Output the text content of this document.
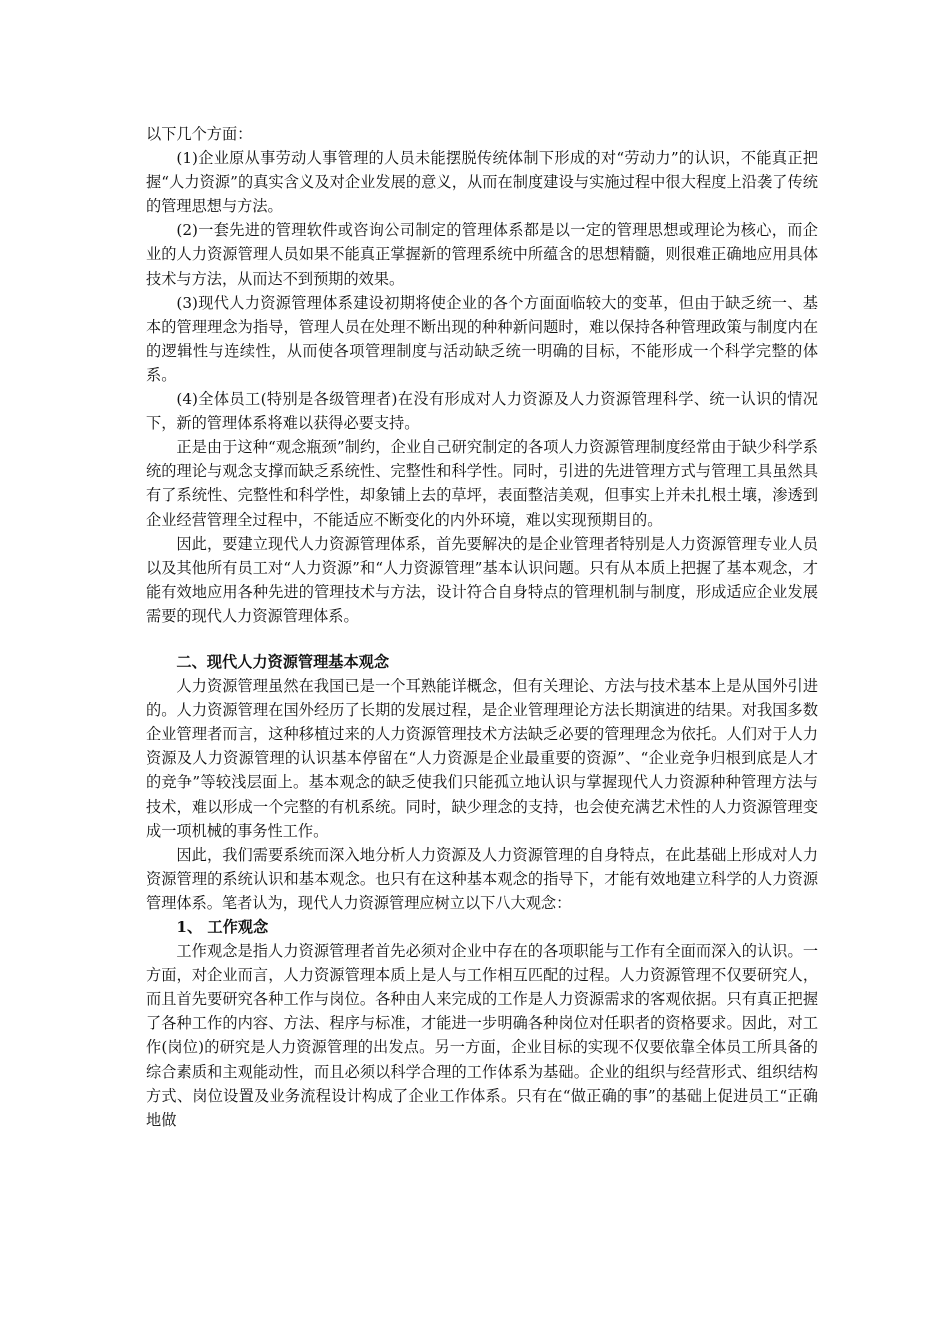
以下几个方面：

(1)企业原从事劳动人事管理的人员未能摆脱传统体制下形成的对“劳动力”的认识，不能真正把握“人力资源”的真实含义及对企业发展的意义，从而在制度建设与实施过程中很大程度上沿袭了传统的管理思想与方法。

(2)一套先进的管理软件或咨询公司制定的管理体系都是以一定的管理思想或理论为核心，而企业的人力资源管理人员如果不能真正掌握新的管理系统中所蕴含的思想精髓，则很难正确地应用具体技术与方法，从而达不到预期的效果。

(3)现代人力资源管理体系建设初期将使企业的各个方面面临较大的变革，但由于缺乏统一、基本的管理理念为指导，管理人员在处理不断出现的种种新问题时，难以保持各种管理政策与制度内在的逻辑性与连续性，从而使各项管理制度与活动缺乏统一明确的目标，不能形成一个科学完整的体系。

(4)全体员工(特别是各级管理者)在没有形成对人力资源及人力资源管理科学、统一认识的情况下，新的管理体系将难以获得必要支持。

正是由于这种“观念瓶颈”制约，企业自己研究制定的各项人力资源管理制度经常由于缺少科学系统的理论与观念支撑而缺乏系统性、完整性和科学性。同时，引进的先进管理方式与管理工具虽然具有了系统性、完整性和科学性，却象铺上去的草坪，表面整洁美观，但事实上并未扎根土壤，渗透到企业经营管理全过程中，不能适应不断变化的内外环境，难以实现预期目的。

因此，要建立现代人力资源管理体系，首先要解决的是企业管理者特别是人力资源管理专业人员以及其他所有员工对“人力资源”和“人力资源管理”基本认识问题。只有从本质上把握了基本观念，才能有效地应用各种先进的管理技术与方法，设计符合自身特点的管理机制与制度，形成适应企业发展需要的现代人力资源管理体系。

二、现代人力资源管理基本观念

人力资源管理虽然在我国已是一个耳熟能详概念，但有关理论、方法与技术基本上是从国外引进的。人力资源管理在国外经历了长期的发展过程，是企业管理理论方法长期演进的结果。对我国多数企业管理者而言，这种移植过来的人力资源管理技术方法缺乏必要的管理理念为依托。人们对于人力资源及人力资源管理的认识基本停留在“人力资源是企业最重要的资源”、“企业竞争归根到底是人才的竞争”等较浅层面上。基本观念的缺乏使我们只能孤立地认识与掌握现代人力资源种种管理方法与技术，难以形成一个完整的有机系统。同时，缺少理念的支持，也会使充满艺术性的人力资源管理变成一项机械的事务性工作。

因此，我们需要系统而深入地分析人力资源及人力资源管理的自身特点，在此基础上形成对人力资源管理的系统认识和基本观念。也只有在这种基本观念的指导下，才能有效地建立科学的人力资源管理体系。笔者认为，现代人力资源管理应树立以下八大观念：

1、 工作观念

工作观念是指人力资源管理者首先必须对企业中存在的各项职能与工作有全面而深入的认识。一方面，对企业而言，人力资源管理本质上是人与工作相互匹配的过程。人力资源管理不仅要研究人，而且首先要研究各种工作与岗位。各种由人来完成的工作是人力资源需求的客观依据。只有真正把握了各种工作的内容、方法、程序与标准，才能进一步明确各种岗位对任职者的资格要求。因此，对工作(岗位)的研究是人力资源管理的出发点。另一方面，企业目标的实现不仅要依靠全体员工所具备的综合素质和主观能动性，而且必须以科学合理的工作体系为基础。企业的组织与经营形式、组织结构方式、岗位设置及业务流程设计构成了企业工作体系。只有在“做正确的事”的基础上促进员工“正确地做
